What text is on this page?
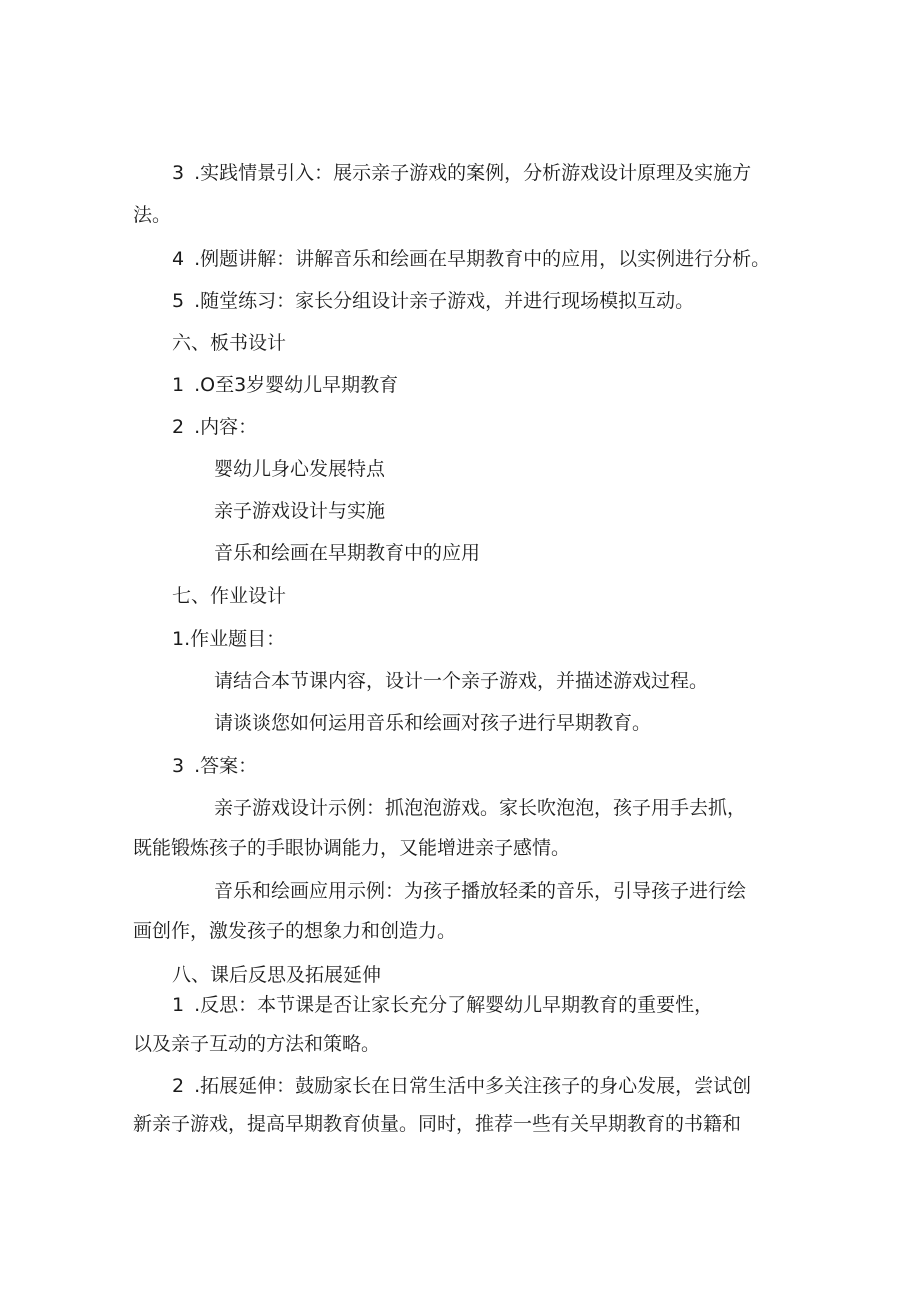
3 .实践情景引入：展示亲子游戏的案例，分析游戏设计原理及实施方
法。
4 .例题讲解：讲解音乐和绘画在早期教育中的应用，以实例进行分析。
5 .随堂练习：家长分组设计亲子游戏，并进行现场模拟互动。
六、板书设计
1 .O至3岁婴幼儿早期教育
2 .内容：
婴幼儿身心发展特点
亲子游戏设计与实施
音乐和绘画在早期教育中的应用
七、作业设计
1.作业题目：
请结合本节课内容，设计一个亲子游戏，并描述游戏过程。
请谈谈您如何运用音乐和绘画对孩子进行早期教育。
3 .答案：
亲子游戏设计示例：抓泡泡游戏。家长吹泡泡，孩子用手去抓，
既能锻炼孩子的手眼协调能力，又能增进亲子感情。
音乐和绘画应用示例：为孩子播放轻柔的音乐，引导孩子进行绘
画创作，激发孩子的想象力和创造力。
八、课后反思及拓展延伸
1 .反思：本节课是否让家长充分了解婴幼儿早期教育的重要性，
以及亲子互动的方法和策略。
2 .拓展延伸：鼓励家长在日常生活中多关注孩子的身心发展，尝试创
新亲子游戏，提高早期教育侦量。同时，推荐一些有关早期教育的书籍和
